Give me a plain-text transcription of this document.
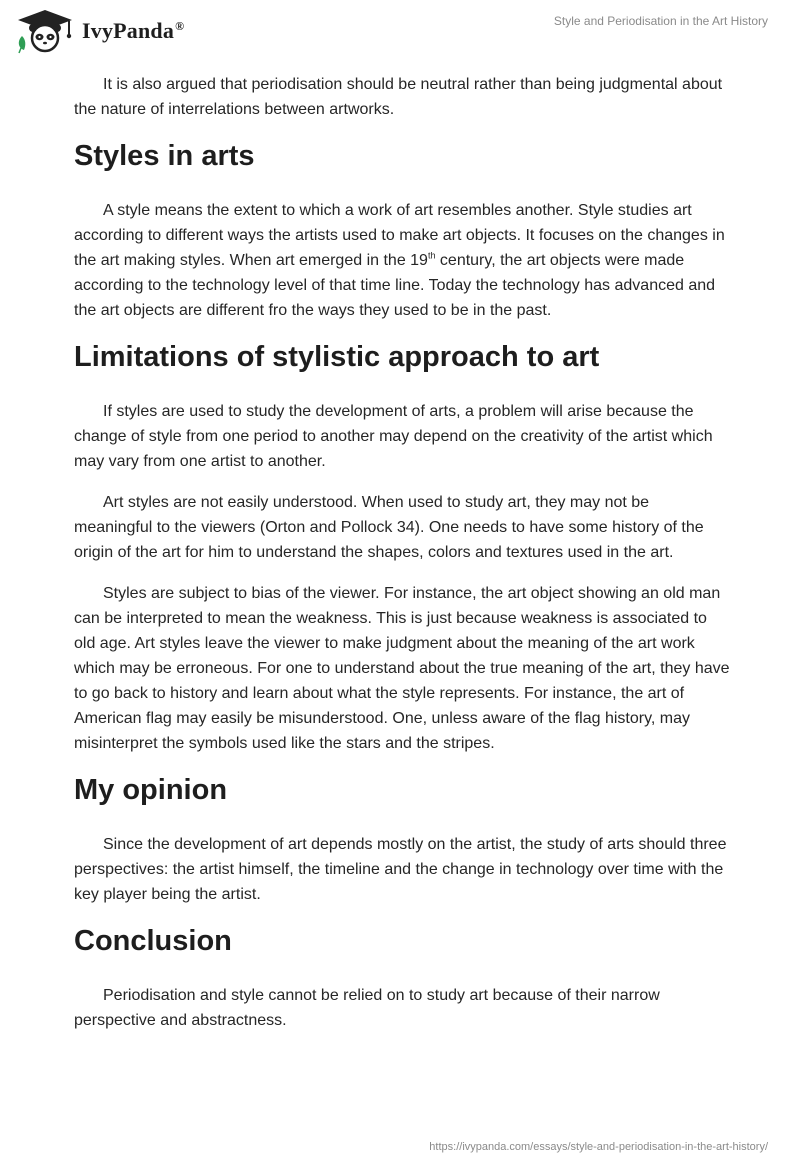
IvyPanda®	Style and Periodisation in the Art History

It is also argued that periodisation should be neutral rather than being judgmental about the nature of interrelations between artworks.

Styles in arts

A style means the extent to which a work of art resembles another. Style studies art according to different ways the artists used to make art objects. It focuses on the changes in the art making styles. When art emerged in the 19th century, the art objects were made according to the technology level of that time line. Today the technology has advanced and the art objects are different fro the ways they used to be in the past.

Limitations of stylistic approach to art

If styles are used to study the development of arts, a problem will arise because the change of style from one period to another may depend on the creativity of the artist which may vary from one artist to another.

Art styles are not easily understood. When used to study art, they may not be meaningful to the viewers (Orton and Pollock 34). One needs to have some history of the origin of the art for him to understand the shapes, colors and textures used in the art.

Styles are subject to bias of the viewer. For instance, the art object showing an old man can be interpreted to mean the weakness. This is just because weakness is associated to old age. Art styles leave the viewer to make judgment about the meaning of the art work which may be erroneous. For one to understand about the true meaning of the art, they have to go back to history and learn about what the style represents. For instance, the art of American flag may easily be misunderstood. One, unless aware of the flag history, may misinterpret the symbols used like the stars and the stripes.

My opinion

Since the development of art depends mostly on the artist, the study of arts should three perspectives: the artist himself, the timeline and the change in technology over time with the key player being the artist.

Conclusion

Periodisation and style cannot be relied on to study art because of their narrow perspective and abstractness.

https://ivypanda.com/essays/style-and-periodisation-in-the-art-history/
